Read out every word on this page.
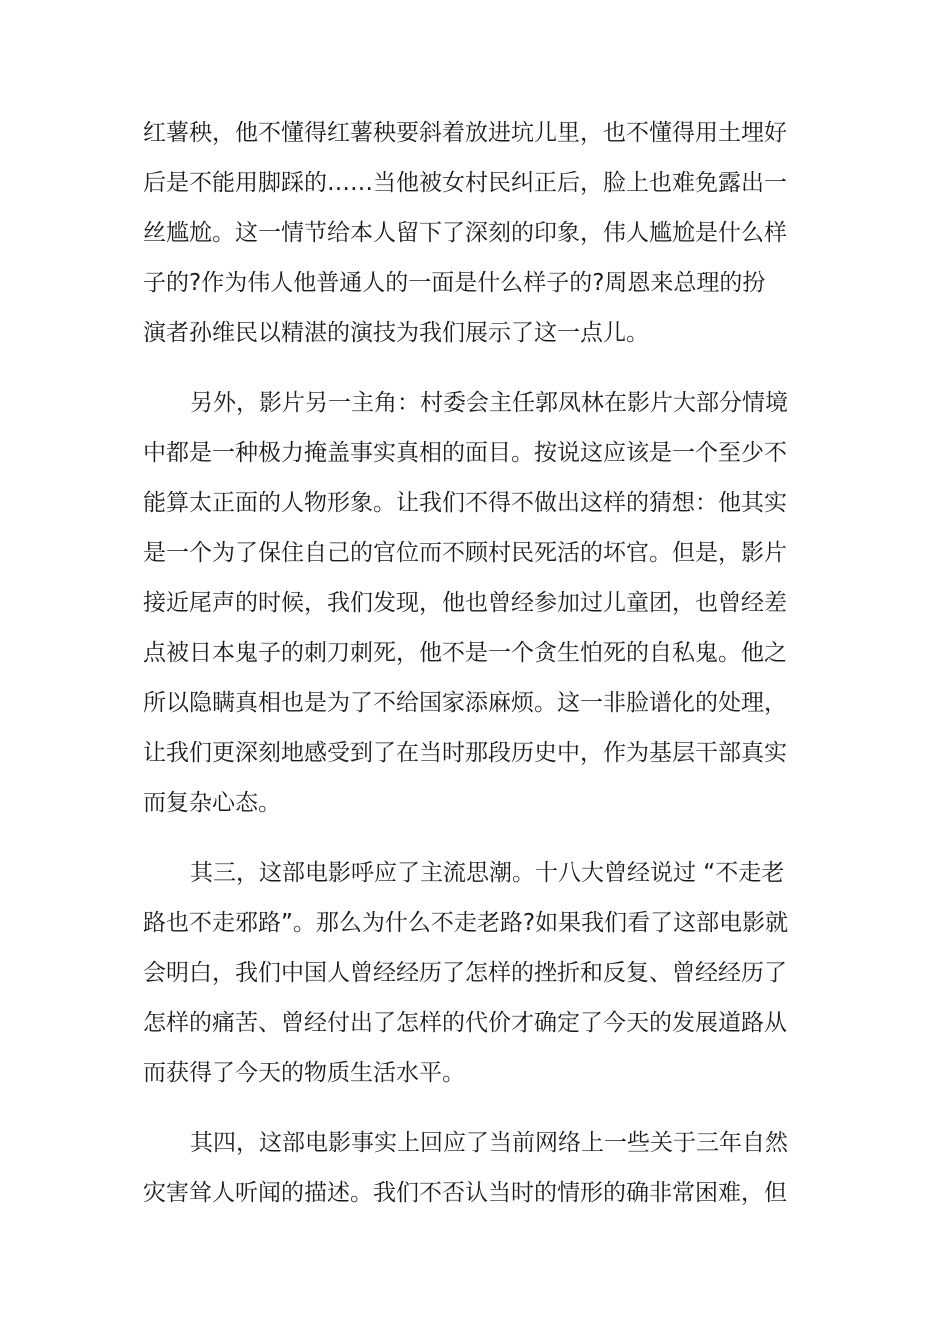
红薯秧，他不懂得红薯秧要斜着放进坑儿里，也不懂得用土埋好
后是不能用脚踩的……当他被女村民纠正后，脸上也难免露出一
丝尴尬。这一情节给本人留下了深刻的印象，伟人尴尬是什么样
子的?作为伟人他普通人的一面是什么样子的?周恩来总理的扮
演者孙维民以精湛的演技为我们展示了这一点儿。
另外，影片另一主角：村委会主任郭凤林在影片大部分情境
中都是一种极力掩盖事实真相的面目。按说这应该是一个至少不
能算太正面的人物形象。让我们不得不做出这样的猜想：他其实
是一个为了保住自己的官位而不顾村民死活的坏官。但是，影片
接近尾声的时候，我们发现，他也曾经参加过儿童团，也曾经差
点被日本鬼子的刺刀刺死，他不是一个贪生怕死的自私鬼。他之
所以隐瞒真相也是为了不给国家添麻烦。这一非脸谱化的处理，
让我们更深刻地感受到了在当时那段历史中，作为基层干部真实
而复杂心态。
其三，这部电影呼应了主流思潮。十八大曾经说过 “不走老
路也不走邪路”。那么为什么不走老路?如果我们看了这部电影就
会明白，我们中国人曾经经历了怎样的挫折和反复、曾经经历了
怎样的痛苦、曾经付出了怎样的代价才确定了今天的发展道路从
而获得了今天的物质生活水平。
其四，这部电影事实上回应了当前网络上一些关于三年自然
灾害耸人听闻的描述。我们不否认当时的情形的确非常困难，但
